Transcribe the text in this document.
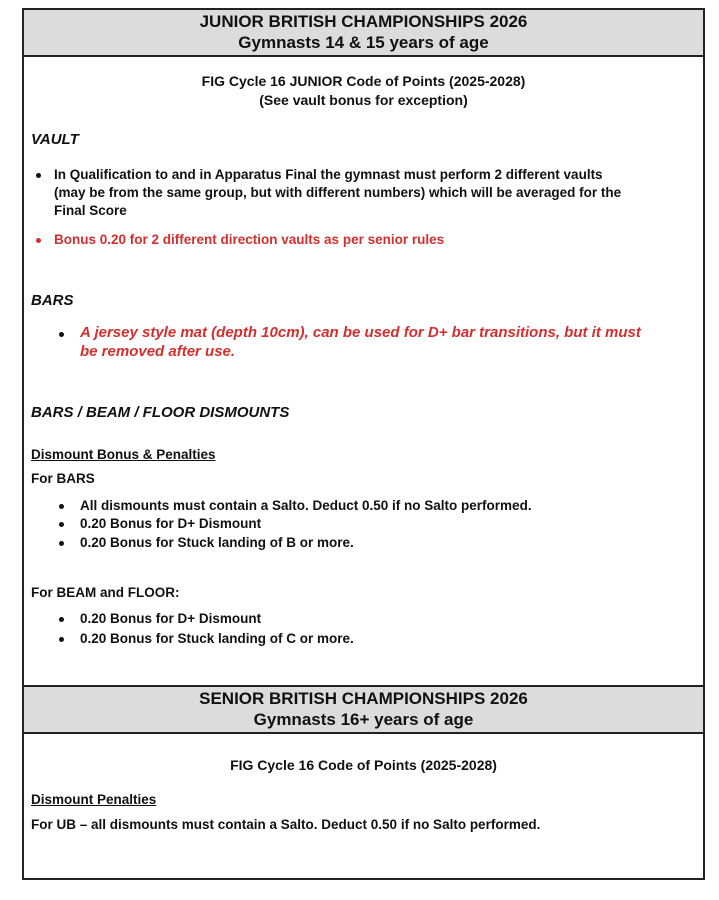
JUNIOR BRITISH CHAMPIONSHIPS 2026
Gymnasts 14 & 15 years of age
FIG Cycle 16 JUNIOR Code of Points (2025-2028)
(See vault bonus for exception)
VAULT
In Qualification to and in Apparatus Final the gymnast must perform 2 different vaults
(may be from the same group, but with different numbers) which will be averaged for the
Final Score
Bonus 0.20 for 2 different direction vaults as per senior rules
BARS
A jersey style mat (depth 10cm), can be used for D+ bar transitions, but it must
be removed after use.
BARS / BEAM / FLOOR DISMOUNTS
Dismount Bonus & Penalties
For BARS
All dismounts must contain a Salto. Deduct 0.50 if no Salto performed.
0.20 Bonus for D+ Dismount
0.20 Bonus for Stuck landing of B or more.
For BEAM and FLOOR:
0.20 Bonus for D+ Dismount
0.20 Bonus for Stuck landing of C or more.
SENIOR BRITISH CHAMPIONSHIPS 2026
Gymnasts 16+ years of age
FIG Cycle 16 Code of Points (2025-2028)
Dismount Penalties
For UB – all dismounts must contain a Salto. Deduct 0.50 if no Salto performed.
